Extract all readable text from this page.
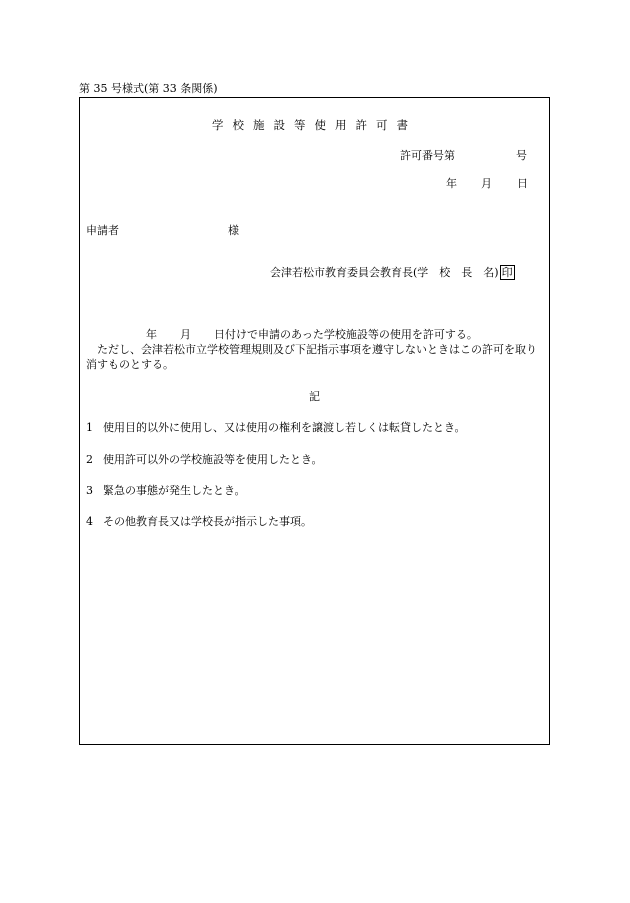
第 35 号様式(第 33 条関係)
学校施設等使用許可書
許可番号第	号
年 月 日
申請者	様
会津若松市教育委員会教育長(学　校　長　名) 印
年 月 日付けで申請のあった学校施設等の使用を許可する。
ただし、会津若松市立学校管理規則及び下記指示事項を遵守しないときはこの許可を取り消すものとする。
記
1 使用目的以外に使用し、又は使用の権利を譲渡し若しくは転貸したとき。
2 使用許可以外の学校施設等を使用したとき。
3 緊急の事態が発生したとき。
4 その他教育長又は学校長が指示した事項。
